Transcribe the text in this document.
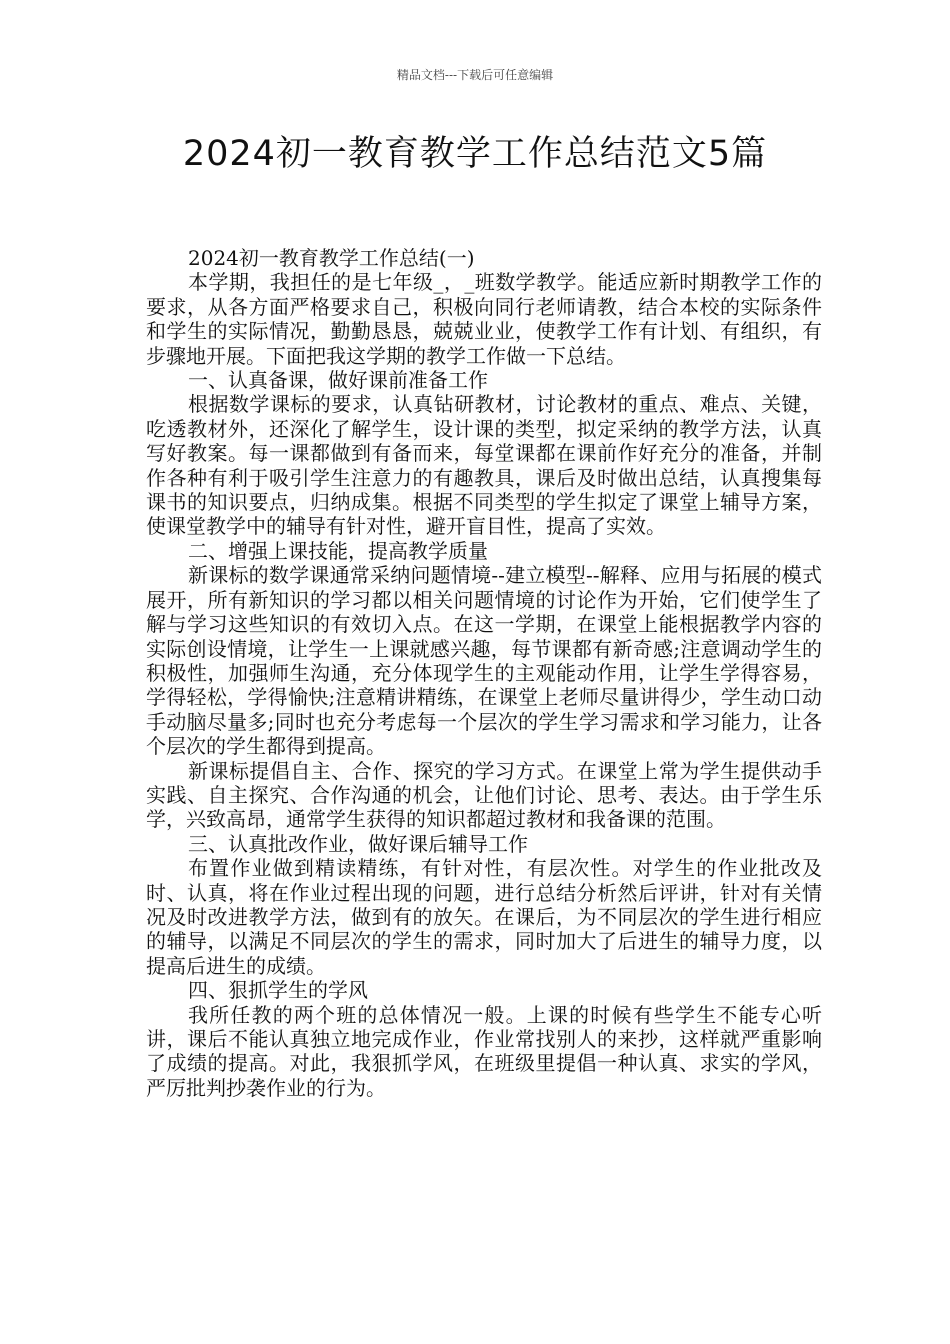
精品文档---下载后可任意编辑
2024初一教育教学工作总结范文5篇

2024初一教育教学工作总结(一)

本学期，我担任的是七年级_，_班数学教学。能适应新时期教学工作的要求，从各方面严格要求自己，积极向同行老师请教，结合本校的实际条件和学生的实际情况，勤勤恳恳，兢兢业业，使教学工作有计划、有组织，有步骤地开展。下面把我这学期的教学工作做一下总结。

一、认真备课，做好课前准备工作

根据数学课标的要求，认真钻研教材，讨论教材的重点、难点、关键，吃透教材外，还深化了解学生，设计课的类型，拟定采纳的教学方法，认真写好教案。每一课都做到有备而来，每堂课都在课前作好充分的准备，并制作各种有利于吸引学生注意力的有趣教具，课后及时做出总结，认真搜集每课书的知识要点，归纳成集。根据不同类型的学生拟定了课堂上辅导方案，使课堂教学中的辅导有针对性，避开盲目性，提高了实效。

二、增强上课技能，提高教学质量

新课标的数学课通常采纳问题情境--建立模型--解释、应用与拓展的模式展开，所有新知识的学习都以相关问题情境的讨论作为开始，它们使学生了解与学习这些知识的有效切入点。在这一学期，在课堂上能根据教学内容的实际创设情境，让学生一上课就感兴趣，每节课都有新奇感;注意调动学生的积极性，加强师生沟通，充分体现学生的主观能动作用，让学生学得容易，学得轻松，学得愉快;注意精讲精练，在课堂上老师尽量讲得少，学生动口动手动脑尽量多;同时也充分考虑每一个层次的学生学习需求和学习能力，让各个层次的学生都得到提高。

新课标提倡自主、合作、探究的学习方式。在课堂上常为学生提供动手实践、自主探究、合作沟通的机会，让他们讨论、思考、表达。由于学生乐学，兴致高昂，通常学生获得的知识都超过教材和我备课的范围。

三、认真批改作业，做好课后辅导工作

布置作业做到精读精练，有针对性，有层次性。对学生的作业批改及时、认真，将在作业过程出现的问题，进行总结分析然后评讲，针对有关情况及时改进教学方法，做到有的放矢。在课后，为不同层次的学生进行相应的辅导，以满足不同层次的学生的需求，同时加大了后进生的辅导力度，以提高后进生的成绩。

四、狠抓学生的学风

我所任教的两个班的总体情况一般。上课的时候有些学生不能专心听讲，课后不能认真独立地完成作业，作业常找别人的来抄，这样就严重影响了成绩的提高。对此，我狠抓学风，在班级里提倡一种认真、求实的学风，严厉批判抄袭作业的行为。
